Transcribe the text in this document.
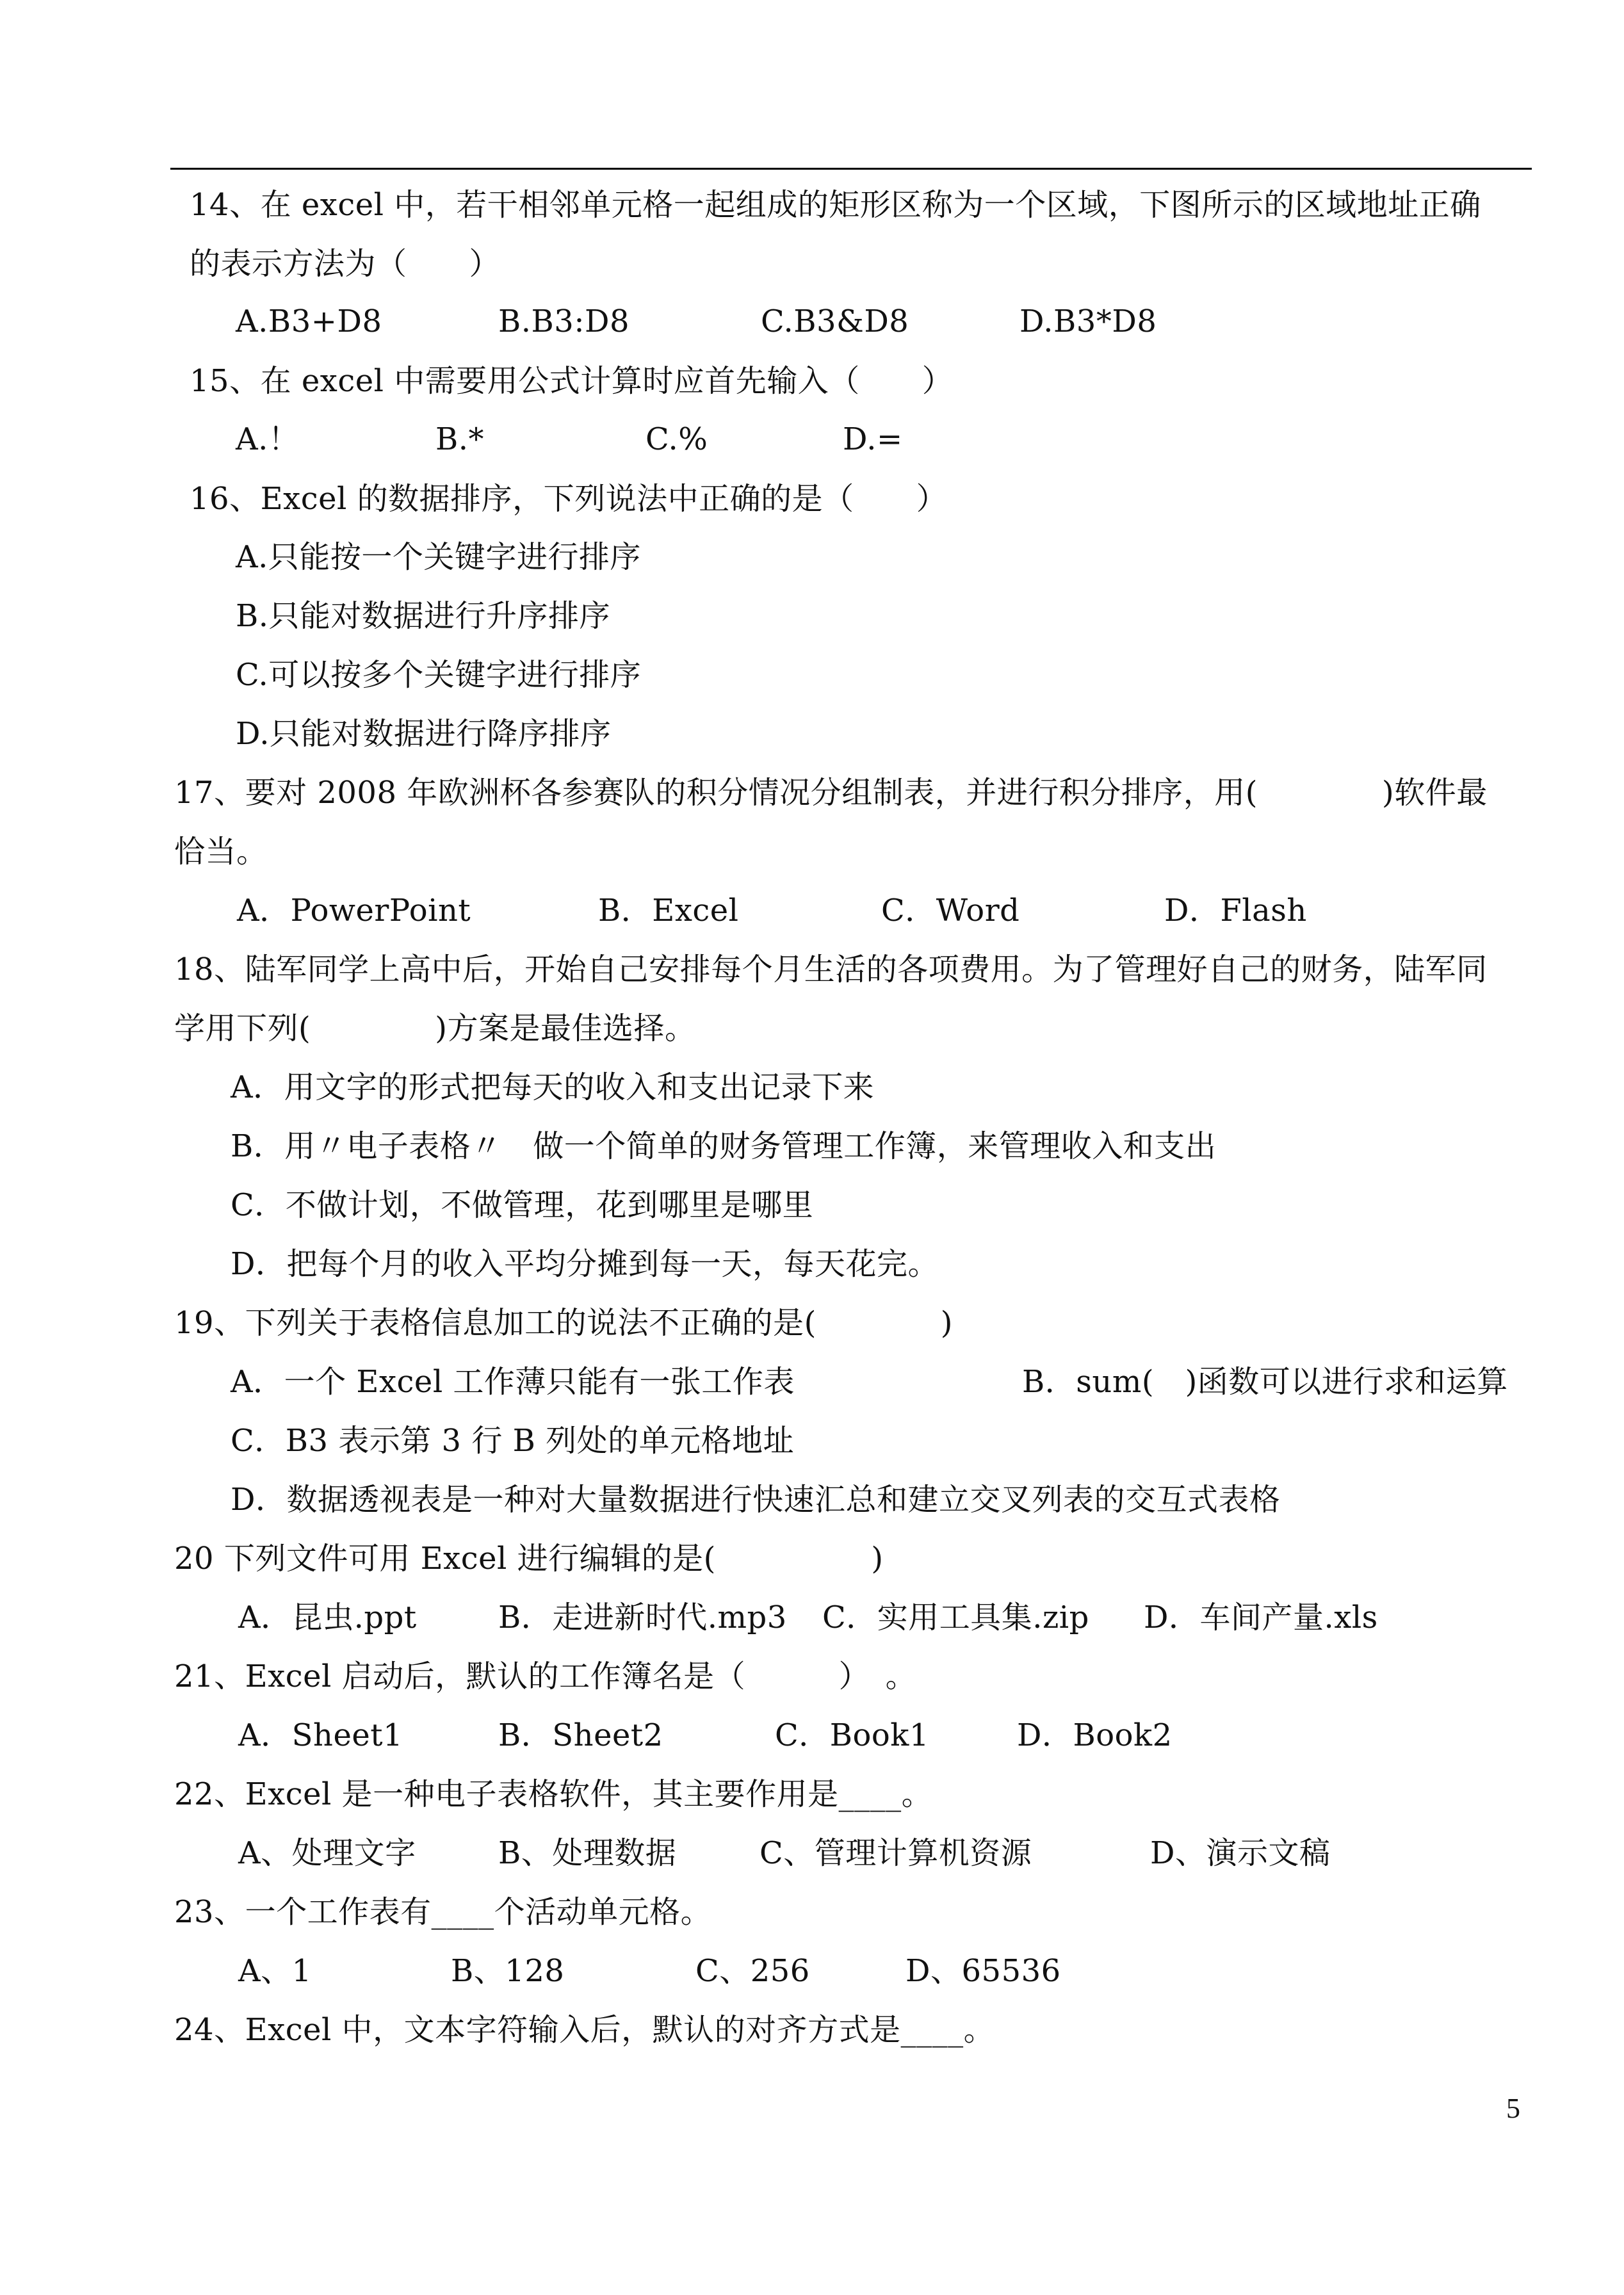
14、在 excel 中，若干相邻单元格一起组成的矩形区称为一个区域，下图所示的区域地址正确
的表示方法为（　　）
A.B3+D8	B.B3:D8	C.B3&D8	D.B3*D8
15、在 excel 中需要用公式计算时应首先输入（　　）
A.！	B.*	C.%	D.=
16、Excel 的数据排序，下列说法中正确的是（　　）
A.只能按一个关键字进行排序
B.只能对数据进行升序排序
C.可以按多个关键字进行排序
D.只能对数据进行降序排序
17、要对 2008 年欧洲杯各参赛队的积分情况分组制表，并进行积分排序，用(　　　　)软件最
恰当。
A．PowerPoint	B．Excel	C．Word	D．Flash
18、陆军同学上高中后，开始自己安排每个月生活的各项费用。为了管理好自己的财务，陆军同
学用下列(　　　　)方案是最佳选择。
A．用文字的形式把每天的收入和支出记录下来
B．用〃电子表格〃　做一个简单的财务管理工作簿，来管理收入和支出
C．不做计划，不做管理，花到哪里是哪里
D．把每个月的收入平均分摊到每一天，每天花完。
19、下列关于表格信息加工的说法不正确的是(　　　　)
A．一个 Excel 工作薄只能有一张工作表	B．sum(　)函数可以进行求和运算
C．B3 表示第 3 行 B 列处的单元格地址
D．数据透视表是一种对大量数据进行快速汇总和建立交叉列表的交互式表格
20 下列文件可用 Excel 进行编辑的是(　　　　　)
A．昆虫.ppt	B．走进新时代.mp3 C．实用工具集.zip D．车间产量.xls
21、Excel 启动后，默认的工作簿名是（　　　）　。
A．Sheet1	B．Sheet2	C．Book1	D．Book2
22、Excel 是一种电子表格软件，其主要作用是____。
A、处理文字	B、处理数据	C、管理计算机资源	D、演示文稿
23、一个工作表有____个活动单元格。
A、1	B、128	C、256	D、65536
24、Excel 中，文本字符输入后，默认的对齐方式是____。
5
